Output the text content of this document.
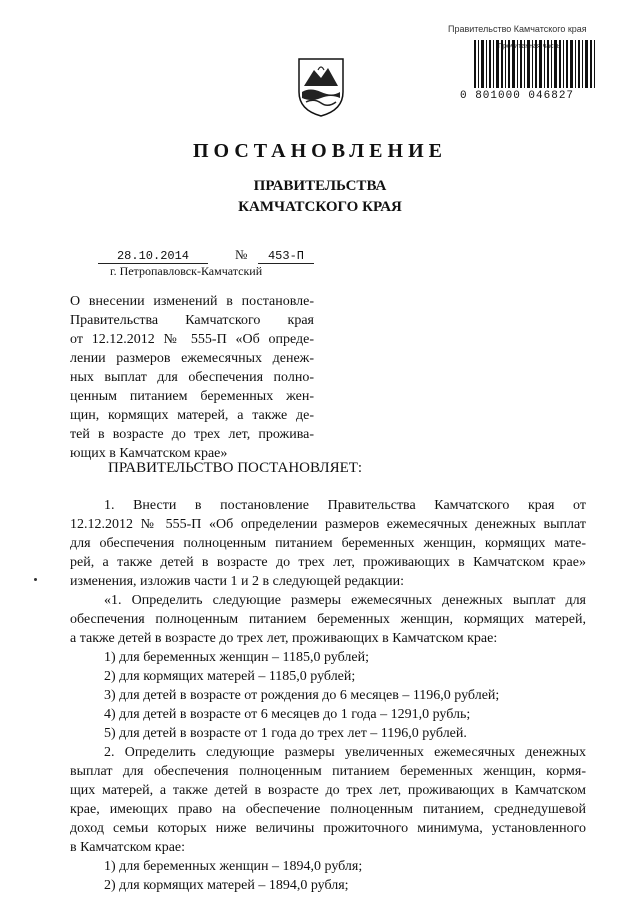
Правительство Камчатского края
Прочитанная
0 801000 046827
ПОСТАНОВЛЕНИЕ
ПРАВИТЕЛЬСТВА
КАМЧАТСКОГО КРАЯ
28.10.2014	№	453-П
г. Петропавловск-Камчатский
О внесении изменений в постановле-
Правительства Камчатского края
от 12.12.2012 № 555-П «Об опреде-
лении размеров ежемесячных денеж-
ных выплат для обеспечения полно-
ценным питанием беременных жен-
щин, кормящих матерей, а также де-
тей в возрасте до трех лет, прожива-
ющих в Камчатском крае»
ПРАВИТЕЛЬСТВО ПОСТАНОВЛЯЕТ:
1. Внести в постановление Правительства Камчатского края от
12.12.2012 № 555-П «Об определении размеров ежемесячных денежных выплат
для обеспечения полноценным питанием беременных женщин, кормящих мате-
рей, а также детей в возрасте до трех лет, проживающих в Камчатском крае»
изменения, изложив части 1 и 2 в следующей редакции:
«1. Определить следующие размеры ежемесячных денежных выплат для
обеспечения полноценным питанием беременных женщин, кормящих матерей,
а также детей в возрасте до трех лет, проживающих в Камчатском крае:
1) для беременных женщин – 1185,0 рублей;
2) для кормящих матерей – 1185,0 рублей;
3) для детей в возрасте от рождения до 6 месяцев – 1196,0 рублей;
4) для детей в возрасте от 6 месяцев до 1 года – 1291,0 рубль;
5) для детей в возрасте от 1 года до трех лет – 1196,0 рублей.
2. Определить следующие размеры увеличенных ежемесячных денежных
выплат для обеспечения полноценным питанием беременных женщин, кормя-
щих матерей, а также детей в возрасте до трех лет, проживающих в Камчатском
крае, имеющих право на обеспечение полноценным питанием, среднедушевой
доход семьи которых ниже величины прожиточного минимума, установленного
в Камчатском крае:
1) для беременных женщин – 1894,0 рубля;
2) для кормящих матерей – 1894,0 рубля;
